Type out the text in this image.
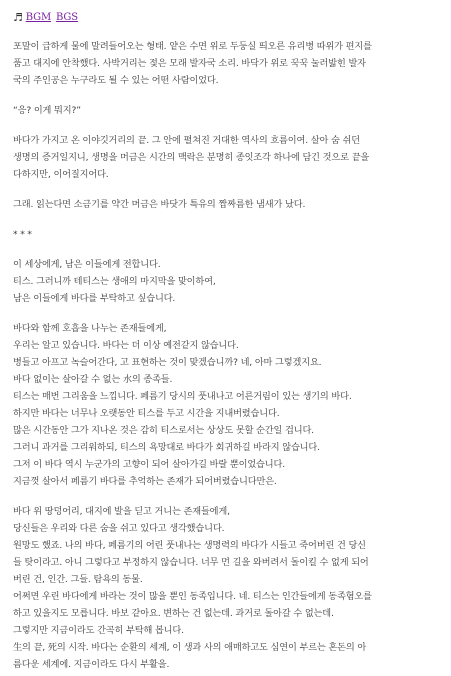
♬ BGM BGS

포말이 급하게 물에 말려들어오는 형태. 얕은 수면 위로 두둥실 띄오른 유리병 따위가 편지를

품고 대지에 안착했다. 사박거리는 젖은 모래 발자국 소리. 바닥가 위로 꾹꾹 눌러밟힌 발자

국의 주인공은 누구라도 될 수 있는 어떤 사람이었다.

“응? 이게 뭐지?”

바다가 가지고 온 이야깃거리의 끝. 그 안에 펼쳐진 거대한 역사의 흐름이여. 살아 숨 쉬던

생명의 증거일지니, 생명을 머금은 시간의 맥락은 분명히 종잇조각 하나에 담긴 것으로 끝을

다하지만, 이어질지어다.

그래. 읽는다면 소금기를 약간 머금은 바닷가 특유의 짭짜름한 냄새가 났다.

* * *

이 세상에게, 남은 이들에게 전합니다.

티스. 그러니까 테티스는 생애의 마지막을 맞이하여,

남은 이들에게 바다를 부탁하고 싶습니다.

바다와 함께 호흡을 나누는 존재들에게,

우리는 알고 있습니다. 바다는 더 이상 예전같지 않습니다.

병들고 아프고 녹슬어간다, 고 표현하는 것이 맞겠습니까? 네, 아마 그렇겠지요.

바다 없이는 살아갈 수 없는 水의 종족들.

티스는 매번 그리움을 느낍니다. 페름기 당시의 풋내나고 어른거림이 있는 생기의 바다.

하지만 바다는 너무나 오랫동안 티스를 두고 시간을 지내버렸습니다.

많은 시간동안 그가 지나온 것은 감히 티스로서는 상상도 못할 순간일 겁니다.

그러니 과거를 그리워하되, 티스의 욕망대로 바다가 회귀하길 바라지 않습니다.

그저 이 바다 역시 누군가의 고향이 되어 살아가길 바랄 뿐이었습니다.

지금껏 살아서 페름기 바다를 추억하는 존재가 되어버렸습니다만은.

바다 위 땅덩어리, 대지에 발을 딛고 거니는 존재들에게,

당신들은 우리와 다른 숨을 쉬고 있다고 생각했습니다.

원망도 했죠. 나의 바다, 페름기의 어린 풋내나는 생명력의 바다가 시들고 죽어버린 건 당신

들 탓이라고. 아니 그렇다고 부정하지 않습니다. 너무 먼 길을 와버려서 돌이킬 수 없게 되어

버린 건, 인간. 그들. 탐욕의 동물.

어쩌면 우린 바다에게 바라는 것이 많을 뿐인 동족입니다. 네. 티스는 인간들에게 동족혐오를

하고 있을지도 모릅니다. 바보 같아요. 변하는 건 없는데. 과거로 돌아갈 수 없는데.

그렇지만 지금이라도 간곡히 부탁해 봅니다.

生의 끝, 死의 시작. 바다는 순환의 세계, 이 생과 사의 애매하고도 심연이 부르는 혼돈의 아

름다운 세계에. 지금이라도 다시 부활을.
